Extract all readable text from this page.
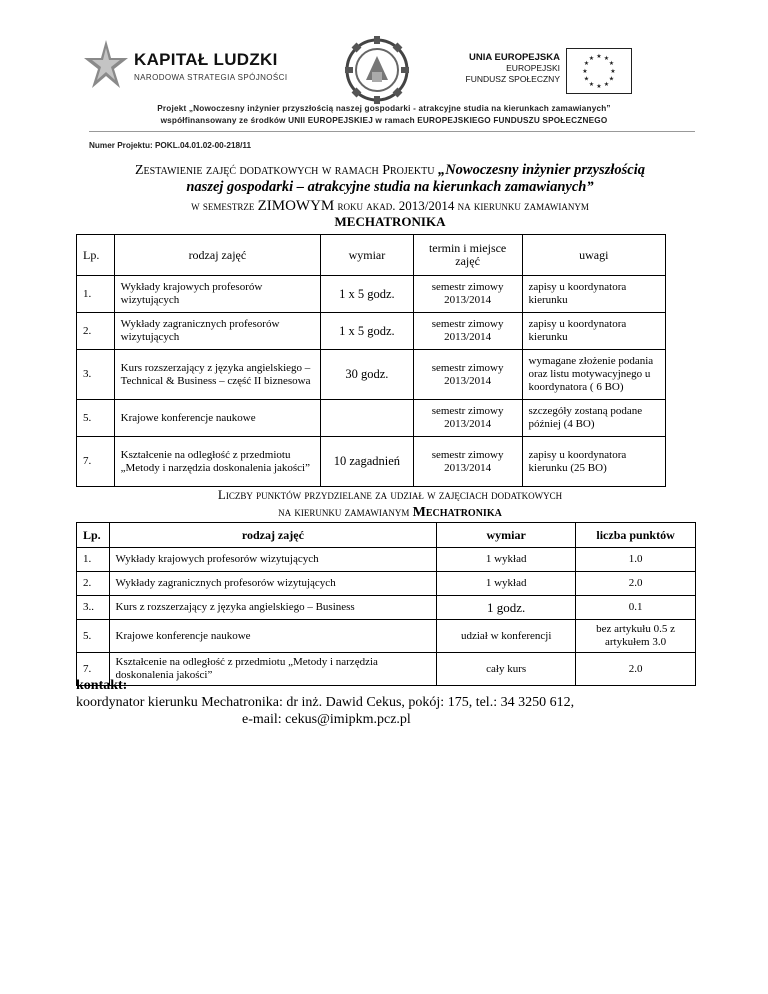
KAPITAŁ LUDZKI
NARODOWA STRATEGIA SPÓJNOŚCI
UNIA EUROPEJSKA
EUROPEJSKI
FUNDUSZ SPOŁECZNY
★ ★
★
★
★
★
★
★
★
★
★
★
Projekt „Nowoczesny inżynier przyszłością naszej gospodarki - atrakcyjne studia na kierunkach zamawianych”
współfinansowany ze środków UNII EUROPEJSKIEJ w ramach EUROPEJSKIEGO FUNDUSZU SPOŁECZNEGO
Numer Projektu: POKL.04.01.02-00-218/11
Zestawienie zajęć dodatkowych w ramach Projektu „Nowoczesny inżynier przyszłością
naszej gospodarki – atrakcyjne studia na kierunkach zamawianych”
w semestrze ZIMOWYM roku akad. 2013/2014 na kierunku zamawianym
MECHATRONIKA
Lp.	rodzaj zajęć	wymiar	termin i miejsce zajęć	uwagi
1.	Wykłady krajowych profesorów wizytujących	1 x 5 godz.	semestr zimowy 2013/2014	zapisy u koordynatora kierunku
2.	Wykłady zagranicznych profesorów wizytujących	1 x 5 godz.	semestr zimowy 2013/2014	zapisy u koordynatora kierunku
3.	Kurs rozszerzający z języka angielskiego –Technical & Business – część II biznesowa	30 godz.	semestr zimowy 2013/2014	wymagane złożenie podania oraz listu motywacyjnego u koordynatora ( 6 BO)
5.	Krajowe konferencje naukowe		semestr zimowy 2013/2014	szczegóły zostaną podane później (4 BO)
7.	Kształcenie na odległość z przedmiotu „Metody i narzędzia doskonalenia jakości”	10 zagadnień	semestr zimowy 2013/2014	zapisy u koordynatora kierunku (25 BO)
Liczby punktów przydzielane za udział w zajęciach dodatkowych
na kierunku zamawianym Mechatronika
Lp.	rodzaj zajęć	wymiar	liczba punktów
1.	Wykłady krajowych profesorów wizytujących	1 wykład	1.0
2.	Wykłady zagranicznych profesorów wizytujących	1 wykład	2.0
3..	Kurs z rozszerzający z języka angielskiego – Business	1 godz.	0.1
5.	Krajowe konferencje naukowe	udział w konferencji	bez artykułu 0.5 z artykułem 3.0
7.	Kształcenie na odległość z przedmiotu „Metody i narzędzia doskonalenia jakości”	cały kurs	2.0
kontakt:
koordynator kierunku Mechatronika: dr inż. Dawid Cekus, pokój: 175, tel.: 34 3250 612,
e-mail: cekus@imipkm.pcz.pl
